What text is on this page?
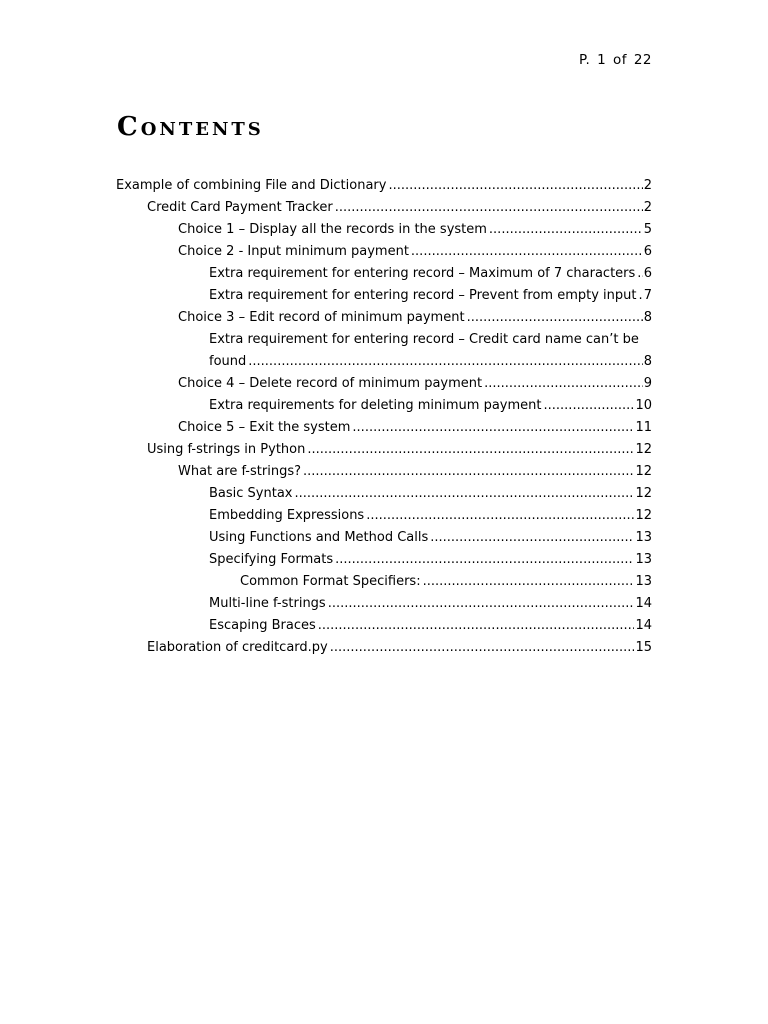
P. 1 of 22
Contents
Example of combining File and Dictionary .....	2
Credit Card Payment Tracker .....	2
Choice 1 – Display all the records in the system .....	5
Choice 2 - Input minimum payment .....	6
Extra requirement for entering record – Maximum of 7 characters ..... 6
Extra requirement for entering record – Prevent from empty input ..... 7
Choice 3 – Edit record of minimum payment .....	8
Extra requirement for entering record – Credit card name can’t be
found .....	8
Choice 4 – Delete record of minimum payment .....	9
Extra requirements for deleting minimum payment .....	10
Choice 5 – Exit the system .....	11
Using f-strings in Python .....	12
What are f-strings? .....	12
Basic Syntax .....	12
Embedding Expressions .....	12
Using Functions and Method Calls .....	13
Specifying Formats .....	13
Common Format Specifiers: .....	13
Multi-line f-strings .....	14
Escaping Braces .....	14
Elaboration of creditcard.py .....	15
